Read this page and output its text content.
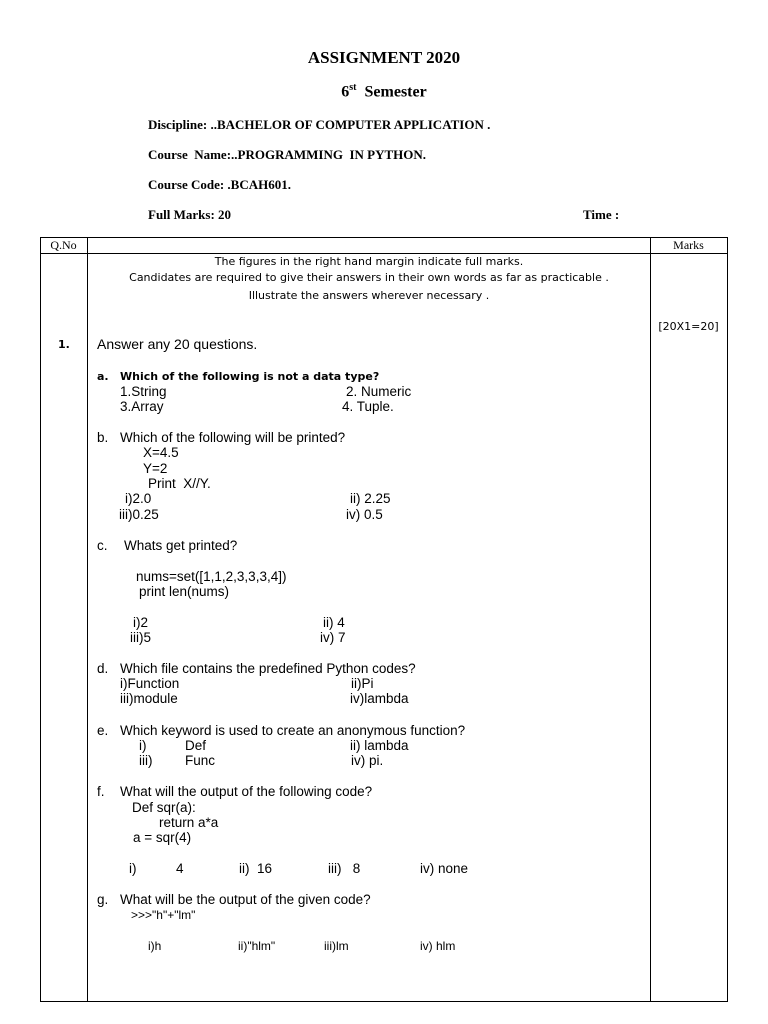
ASSIGNMENT 2020
6st Semester
Discipline: ..BACHELOR OF COMPUTER APPLICATION .
Course  Name:..PROGRAMMING  IN PYTHON.
Course Code: .BCAH601.
Full Marks: 20	Time :
Q.No	Marks
The figures in the right hand margin indicate full marks.
Candidates are required to give their answers in their own words as far as practicable .
Illustrate the answers wherever necessary .
[20X1=20]
1. Answer any 20 questions.
a. Which of the following is not a data type?
1.String	2. Numeric
3.Array	4. Tuple.
b. Which of the following will be printed?
X=4.5
Y=2
Print  X//Y.
i)2.0	ii) 2.25
iii)0.25	iv) 0.5
c. Whats get printed?
nums=set([1,1,2,3,3,3,4])
print len(nums)
i)2	ii) 4
iii)5	iv) 7
d. Which file contains the predefined Python codes?
i)Function	ii)Pi
iii)module	iv)lambda
e. Which keyword is used to create an anonymous function?
i)	Def	ii) lambda
iii) Func	iv) pi.
f. What will the output of the following code?
Def sqr(a):
return a*a
a = sqr(4)
i)	4	ii)  16	iii)   8	iv) none
g. What will be the output of the given code?
>>>"h"+"lm"
i)h	ii)"hlm"	iii)lm	iv) hlm
